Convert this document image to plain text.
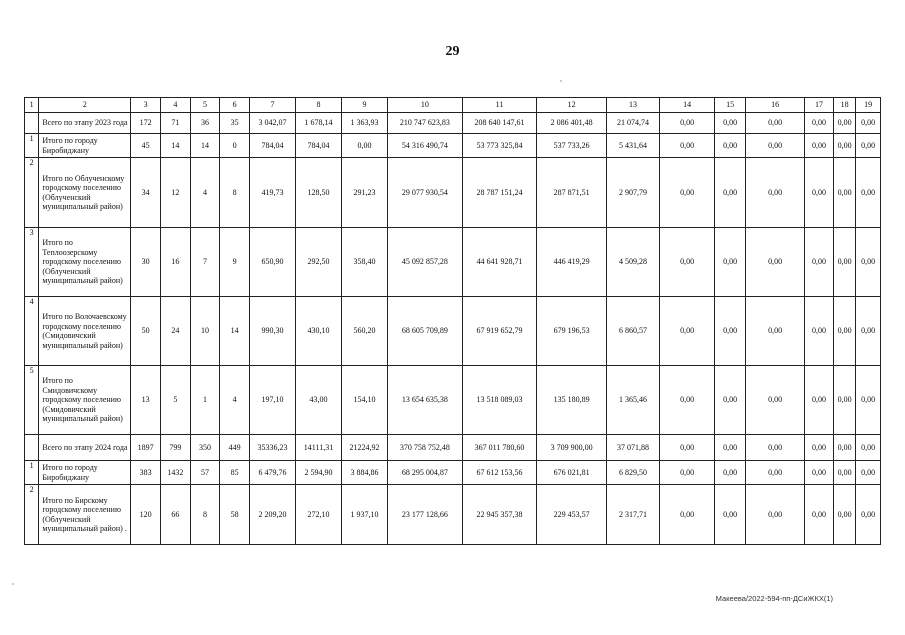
29
1	2	3	4	5	6	7	8	9	10	11	12	13	14	15	16	17	18	19
	Всего по этапу 2023 года	172	71	36	35	3 042,07	1 678,14	1 363,93	210 747 623,83	208 640 147,61	2 086 401,48	21 074,74	0,00	0,00	0,00	0,00	0,00	0,00
1	Итого по городу Биробиджану	45	14	14	0	784,04	784,04	0,00	54 316 490,74	53 773 325,84	537 733,26	5 431,64	0,00	0,00	0,00	0,00	0,00	0,00
2	Итого по Облученскому городскому поселению (Облученский муниципальный район)	34	12	4	8	419,73	128,50	291,23	29 077 930,54	28 787 151,24	287 871,51	2 907,79	0,00	0,00	0,00	0,00	0,00	0,00
3	Итого по Теплоозерскому городскому поселению (Облученский муниципальный район)	30	16	7	9	650,90	292,50	358,40	45 092 857,28	44 641 928,71	446 419,29	4 509,28	0,00	0,00	0,00	0,00	0,00	0,00
4	Итого по Волочаевскому городскому поселению (Смидовичский муниципальный район)	50	24	10	14	990,30	430,10	560,20	68 605 709,89	67 919 652,79	679 196,53	6 860,57	0,00	0,00	0,00	0,00	0,00	0,00
5	Итого по Смидовичскому городскому поселению (Смидовичский муниципальный район)	13	5	1	4	197,10	43,00	154,10	13 654 635,38	13 518 089,03	135 180,89	1 365,46	0,00	0,00	0,00	0,00	0,00	0,00
	Всего по этапу 2024 года	1897	799	350	449	35336,23	14111,31	21224,92	370 758 752,48	367 011 780,60	3 709 900,00	37 071,88	0,00	0,00	0,00	0,00	0,00	0,00
1	Итого по городу Биробиджану	383	1432	57	85	6 479,76	2 594,90	3 884,86	68 295 004,87	67 612 153,56	676 021,81	6 829,50	0,00	0,00	0,00	0,00	0,00	0,00
2	Итого по Бирскому городскому поселению (Облученский муниципальный район) .	120	66	8	58	2 209,20	272,10	1 937,10	23 177 128,66	22 945 357,38	229 453,57	2 317,71	0,00	0,00	0,00	0,00	0,00	0,00
Макеева/2022-594-пп-ДСиЖКХ(1)
